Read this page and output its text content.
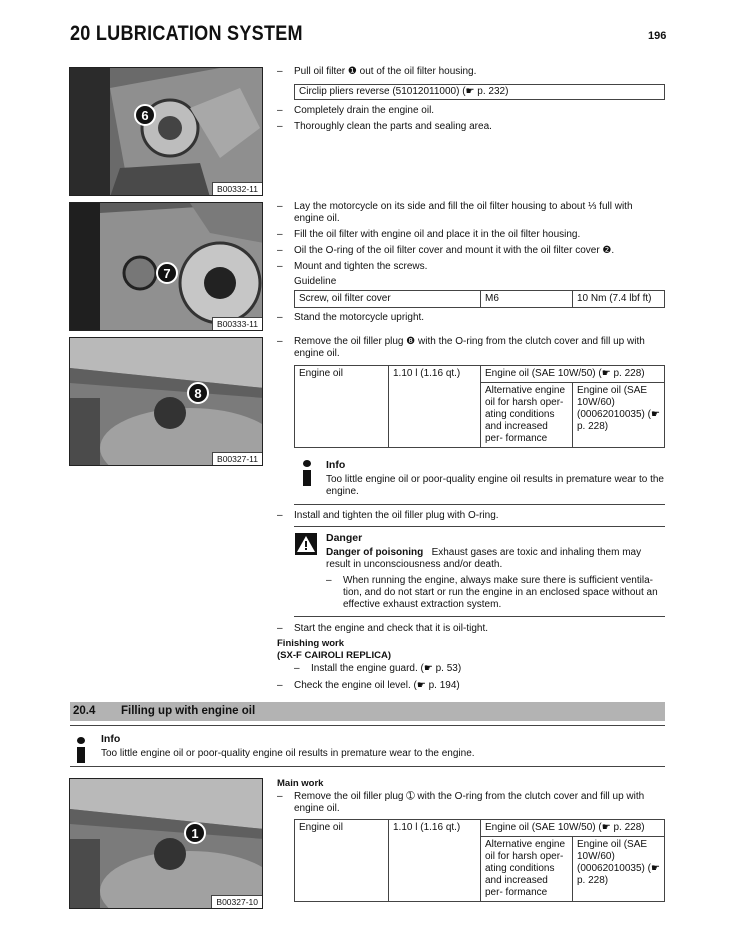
20 LUBRICATION SYSTEM	196
6
B00332-11
7
B00333-11
8
B00327-11
1
B00327-10
– Pull oil filter ❶ out of the oil filter housing.
Circlip pliers reverse (51012011000) (☛ p. 232)
– Completely drain the engine oil.
– Thoroughly clean the parts and sealing area.
– Lay the motorcycle on its side and fill the oil filter housing to about ⅓ full with engine oil.
– Fill the oil filter with engine oil and place it in the oil filter housing.
– Oil the O-ring of the oil filter cover and mount it with the oil filter cover ❷.
– Mount and tighten the screws.
Guideline
Screw, oil filter cover	M6	10 Nm (7.4 lbf ft)
– Stand the motorcycle upright.
– Remove the oil filler plug ❽ with the O-ring from the clutch cover and fill up with engine oil.
Engine oil	1.10 l (1.16 qt.)	Engine oil (SAE 10W/50) (☛ p. 228)	
		Alternative engine oil for harsh oper- ating conditions and increased per- formance	Engine oil (SAE 10W/60) (00062010035) (☛ p. 228)
Info
Too little engine oil or poor-quality engine oil results in premature wear to the engine.
– Install and tighten the oil filler plug with O-ring.
Danger
Danger of poisoning Exhaust gases are toxic and inhaling them may result in unconsciousness and/or death.
– When running the engine, always make sure there is sufficient ventila- tion, and do not start or run the engine in an enclosed space without an effective exhaust extraction system.
– Start the engine and check that it is oil-tight.
Finishing work
(SX-F CAIROLI REPLICA)
– Install the engine guard. (☛ p. 53)
– Check the engine oil level. (☛ p. 194)
20.4 Filling up with engine oil
Info
Too little engine oil or poor-quality engine oil results in premature wear to the engine.
Main work
– Remove the oil filler plug ➀ with the O-ring from the clutch cover and fill up with engine oil.
Engine oil	1.10 l (1.16 qt.)	Engine oil (SAE 10W/50) (☛ p. 228)	
		Alternative engine oil for harsh oper- ating conditions and increased per- formance	Engine oil (SAE 10W/60) (00062010035) (☛ p. 228)
